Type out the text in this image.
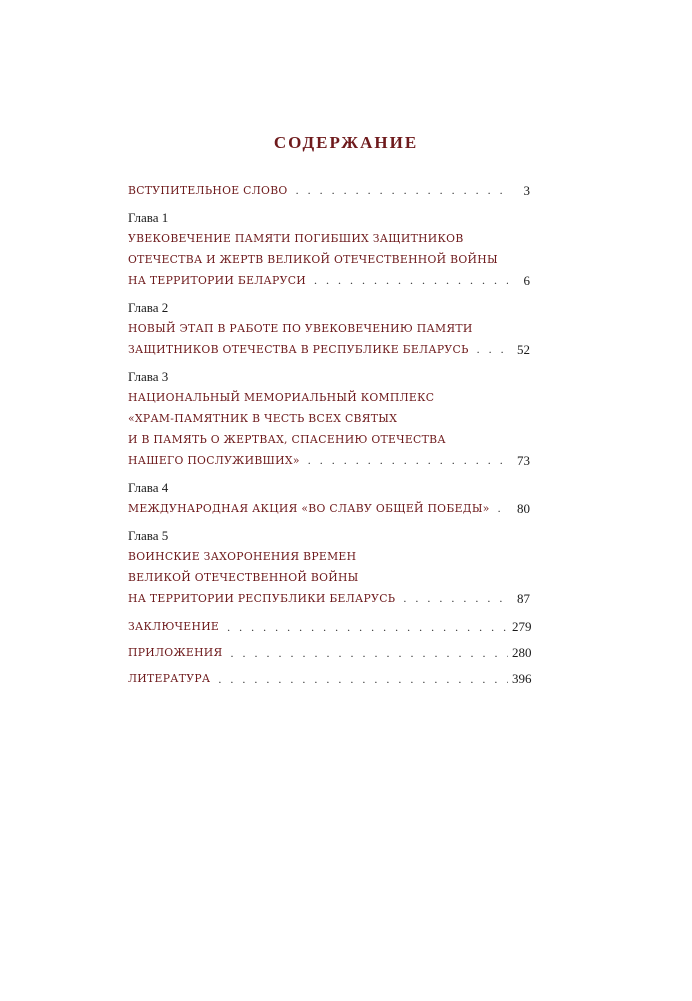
СОДЕРЖАНИЕ
ВСТУПИТЕЛЬНОЕ СЛОВО . . .	3
Глава 1
УВЕКОВЕЧЕНИЕ ПАМЯТИ ПОГИБШИХ ЗАЩИТНИКОВ
ОТЕЧЕСТВА И ЖЕРТВ ВЕЛИКОЙ ОТЕЧЕСТВЕННОЙ ВОЙНЫ
НА ТЕРРИТОРИИ БЕЛАРУСИ . . .	6
Глава 2
НОВЫЙ ЭТАП В РАБОТЕ ПО УВЕКОВЕЧЕНИЮ ПАМЯТИ
ЗАЩИТНИКОВ ОТЕЧЕСТВА В РЕСПУБЛИКЕ БЕЛАРУСЬ . . .	52
Глава 3
НАЦИОНАЛЬНЫЙ МЕМОРИАЛЬНЫЙ КОМПЛЕКС
«ХРАМ-ПАМЯТНИК В ЧЕСТЬ ВСЕХ СВЯТЫХ
И В ПАМЯТЬ О ЖЕРТВАХ, СПАСЕНИЮ ОТЕЧЕСТВА
НАШЕГО ПОСЛУЖИВШИХ» . . .	73
Глава 4
МЕЖДУНАРОДНАЯ АКЦИЯ «ВО СЛАВУ ОБЩЕЙ ПОБЕДЫ» . . .	80
Глава 5
ВОИНСКИЕ ЗАХОРОНЕНИЯ ВРЕМЕН
ВЕЛИКОЙ ОТЕЧЕСТВЕННОЙ ВОЙНЫ
НА ТЕРРИТОРИИ РЕСПУБЛИКИ БЕЛАРУСЬ . . .	87
ЗАКЛЮЧЕНИЕ . . .	279
ПРИЛОЖЕНИЯ . . .	280
ЛИТЕРАТУРА . . .	396
